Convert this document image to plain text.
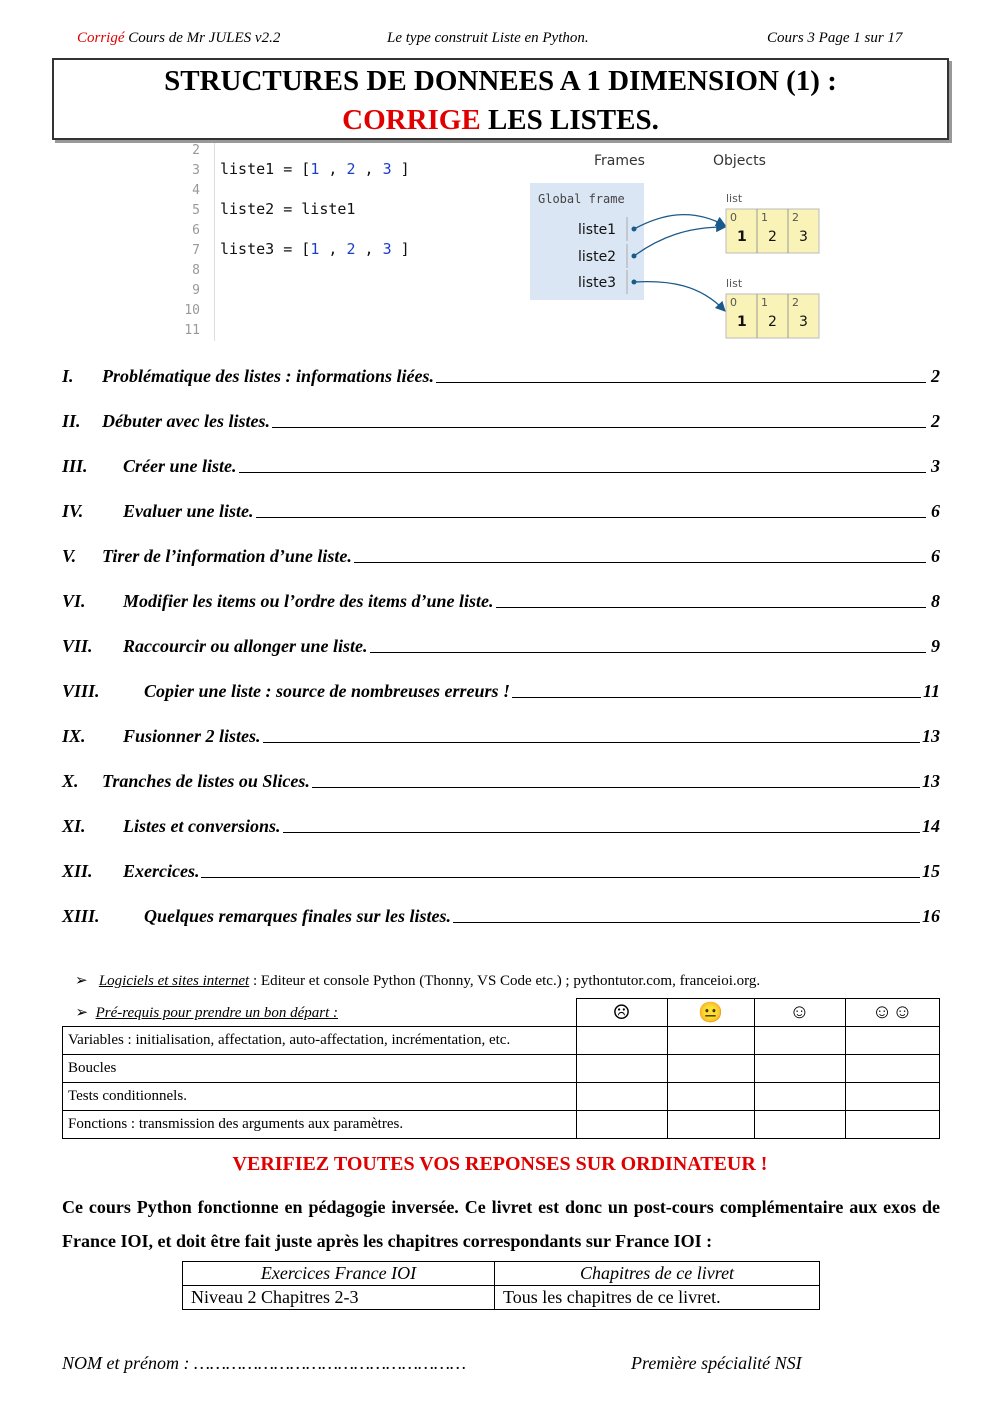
Corrigé Cours de Mr JULES v2.2	Le type construit Liste en Python.	Cours 3 Page 1 sur 17
STRUCTURES DE DONNEES A 1 DIMENSION (1) :
CORRIGE LES LISTES.
2
3
4
5
6
7
8
9
10
11
liste1 = [1 , 2 , 3 ]
liste2 = liste1
liste3 = [1 , 2 , 3 ]
Frames	Objects
Global frame
liste1
liste2
liste3
list
0 1 2
1 2 3
list
0 1 2
1 2 3
I.	Problématique des listes : informations liées.	2
II.	Débuter avec les listes.	2
III.	Créer une liste.	3
IV.	Evaluer une liste.	6
V.	Tirer de l’information d’une liste.	6
VI.	Modifier les items ou l’ordre des items d’une liste.	8
VII.	Raccourcir ou allonger une liste.	9
VIII.	Copier une liste : source de nombreuses erreurs !	11
IX.	Fusionner 2 listes.	13
X.	Tranches de listes ou Slices.	13
XI.	Listes et conversions.	14
XII.	Exercices.	15
XIII.	Quelques remarques finales sur les listes.	16
➢ Logiciels et sites internet : Editeur et console Python (Thonny, VS Code etc.) ; pythontutor.com, franceioi.org.
➢ Pré-requis pour prendre un bon départ :	☹	😐	☺	☺☺
Variables : initialisation, affectation, auto-affectation, incrémentation, etc.				
Boucles				
Tests conditionnels.				
Fonctions : transmission des arguments aux paramètres.				
VERIFIEZ TOUTES VOS REPONSES SUR ORDINATEUR !
Ce cours Python fonctionne en pédagogie inversée. Ce livret est donc un post-cours complémentaire aux exos de France IOI, et doit être fait juste après les chapitres correspondants sur France IOI :
Exercices France IOI	Chapitres de ce livret
Niveau 2 Chapitres 2-3	Tous les chapitres de ce livret.
NOM et prénom : ……………………………………………	Première spécialité NSI
